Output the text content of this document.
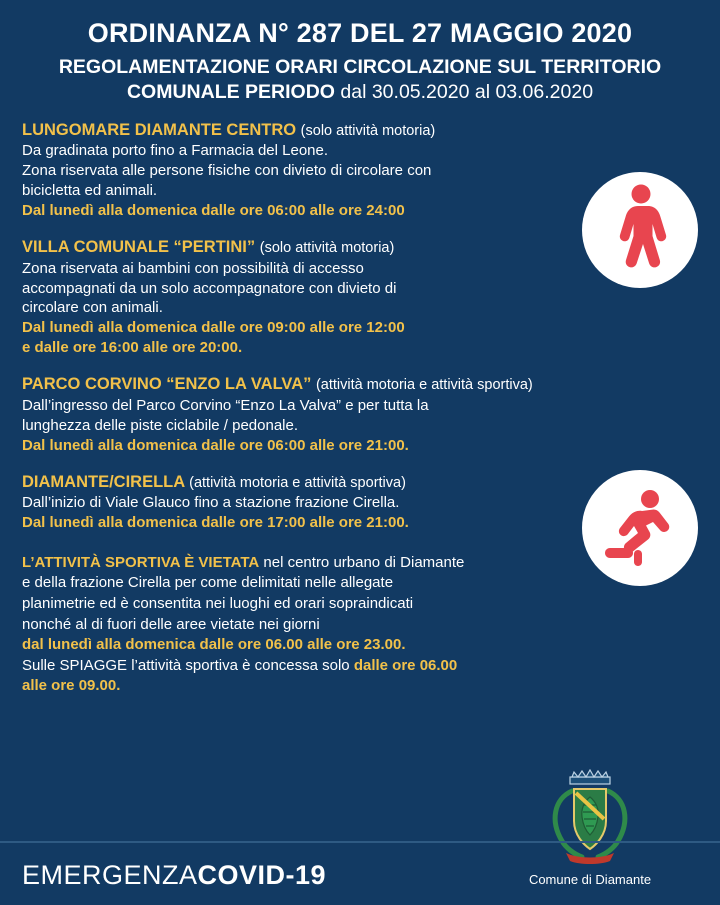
ORDINANZA N° 287 DEL 27 MAGGIO 2020
REGOLAMENTAZIONE ORARI CIRCOLAZIONE SUL TERRITORIO
COMUNALE PERIODO dal 30.05.2020 al 03.06.2020
LUNGOMARE DIAMANTE CENTRO (solo attività motoria)
Da gradinata porto fino a Farmacia del Leone.
Zona riservata alle persone fisiche con divieto di circolare con
bicicletta ed animali.
Dal lunedì alla domenica dalle ore 06:00 alle ore 24:00
VILLA COMUNALE “PERTINI” (solo attività motoria)
Zona riservata ai bambini con possibilità di accesso
accompagnati da un solo accompagnatore con divieto di
circolare con animali.
Dal lunedì alla domenica dalle ore 09:00 alle ore 12:00
e dalle ore 16:00 alle ore 20:00.
PARCO CORVINO “ENZO LA VALVA” (attività motoria e attività sportiva)
Dall’ingresso del Parco Corvino “Enzo La Valva” e per tutta la
lunghezza delle piste ciclabile / pedonale.
Dal lunedì alla domenica dalle ore 06:00 alle ore 21:00.
DIAMANTE/CIRELLA (attività motoria e attività sportiva)
Dall’inizio di Viale Glauco fino a stazione frazione Cirella.
Dal lunedì alla domenica dalle ore 17:00 alle ore 21:00.
L’ATTIVITÀ SPORTIVA È VIETATA nel centro urbano di Diamante
e della frazione Cirella per come delimitati nelle allegate
planimetrie ed è consentita nei luoghi ed orari sopraindicati
nonché al di fuori delle aree vietate nei giorni
dal lunedì alla domenica dalle ore 06.00 alle ore 23.00.
Sulle SPIAGGE l’attività sportiva è concessa solo dalle ore 06.00
alle ore 09.00.
Comune di Diamante
EMERGENZACOVID-19
